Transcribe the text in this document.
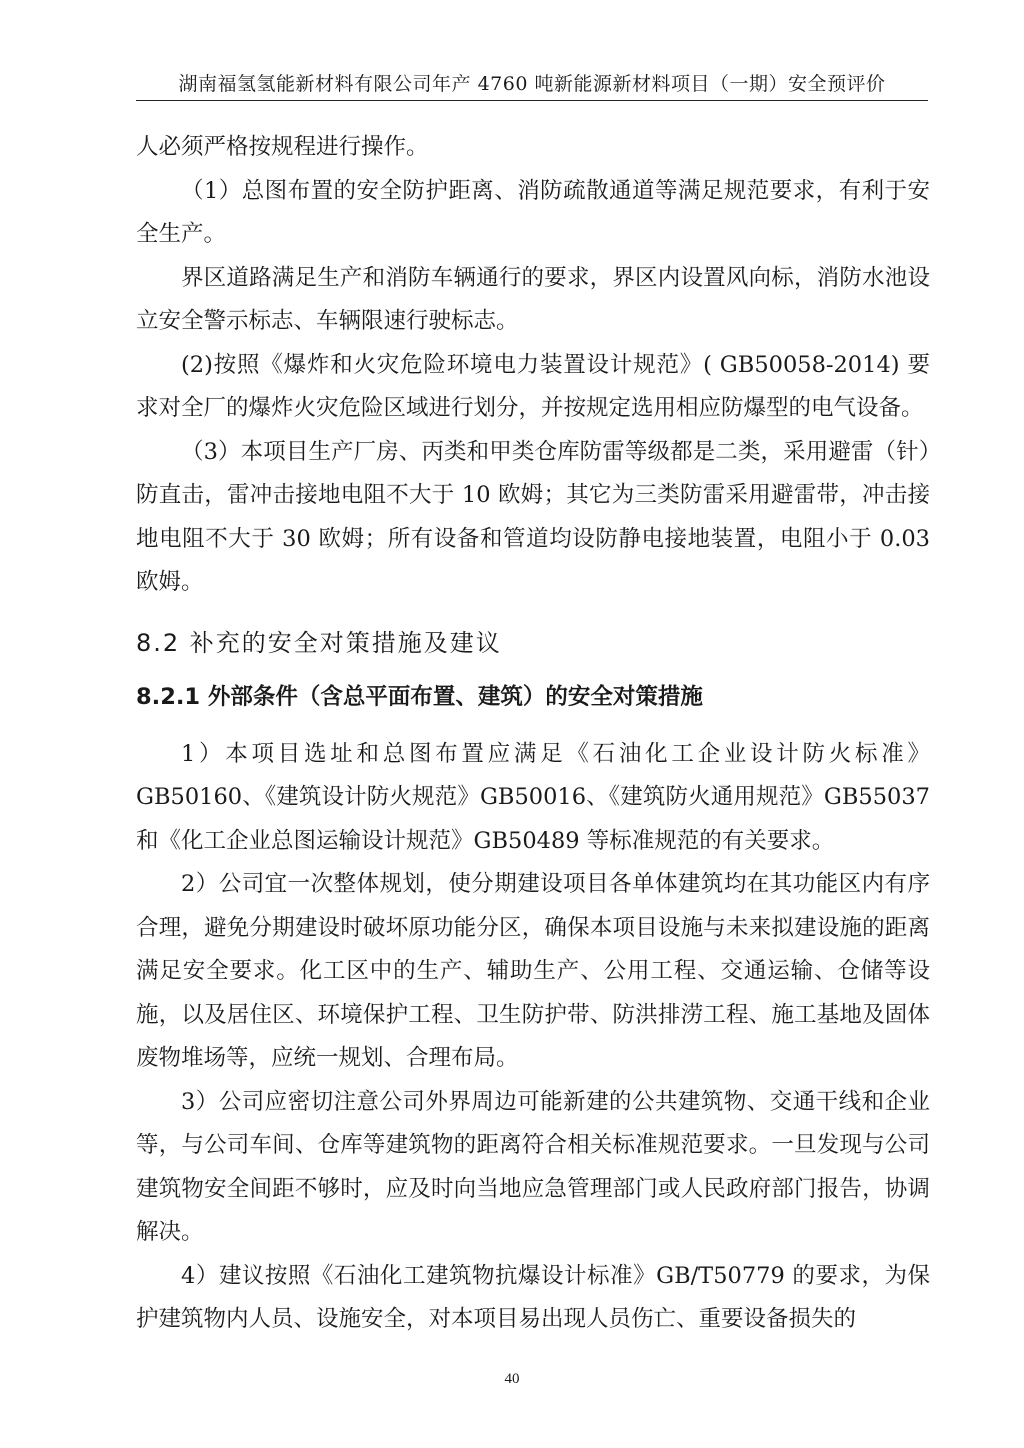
湖南福氢氢能新材料有限公司年产 4760 吨新能源新材料项目（一期）安全预评价

人必须严格按规程进行操作。

（1）总图布置的安全防护距离、消防疏散通道等满足规范要求，有利于安全生产。

界区道路满足生产和消防车辆通行的要求，界区内设置风向标，消防水池设立安全警示标志、车辆限速行驶标志。

(2)按照《爆炸和火灾危险环境电力装置设计规范》( GB50058-2014) 要求对全厂的爆炸火灾危险区域进行划分，并按规定选用相应防爆型的电气设备。

（3）本项目生产厂房、丙类和甲类仓库防雷等级都是二类，采用避雷（针）防直击，雷冲击接地电阻不大于 10 欧姆；其它为三类防雷采用避雷带，冲击接地电阻不大于 30 欧姆；所有设备和管道均设防静电接地装置，电阻小于 0.03 欧姆。

8.2 补充的安全对策措施及建议
8.2.1 外部条件（含总平面布置、建筑）的安全对策措施

1）本项目选址和总图布置应满足《石油化工企业设计防火标准》GB50160、《建筑设计防火规范》GB50016、《建筑防火通用规范》GB55037 和《化工企业总图运输设计规范》GB50489 等标准规范的有关要求。

2）公司宜一次整体规划，使分期建设项目各单体建筑均在其功能区内有序合理，避免分期建设时破坏原功能分区，确保本项目设施与未来拟建设施的距离满足安全要求。化工区中的生产、辅助生产、公用工程、交通运输、仓储等设施，以及居住区、环境保护工程、卫生防护带、防洪排涝工程、施工基地及固体废物堆场等，应统一规划、合理布局。

3）公司应密切注意公司外界周边可能新建的公共建筑物、交通干线和企业等，与公司车间、仓库等建筑物的距离符合相关标准规范要求。一旦发现与公司建筑物安全间距不够时，应及时向当地应急管理部门或人民政府部门报告，协调解决。

4）建议按照《石油化工建筑物抗爆设计标准》GB/T50779 的要求，为保护建筑物内人员、设施安全，对本项目易出现人员伤亡、重要设备损失的

40
